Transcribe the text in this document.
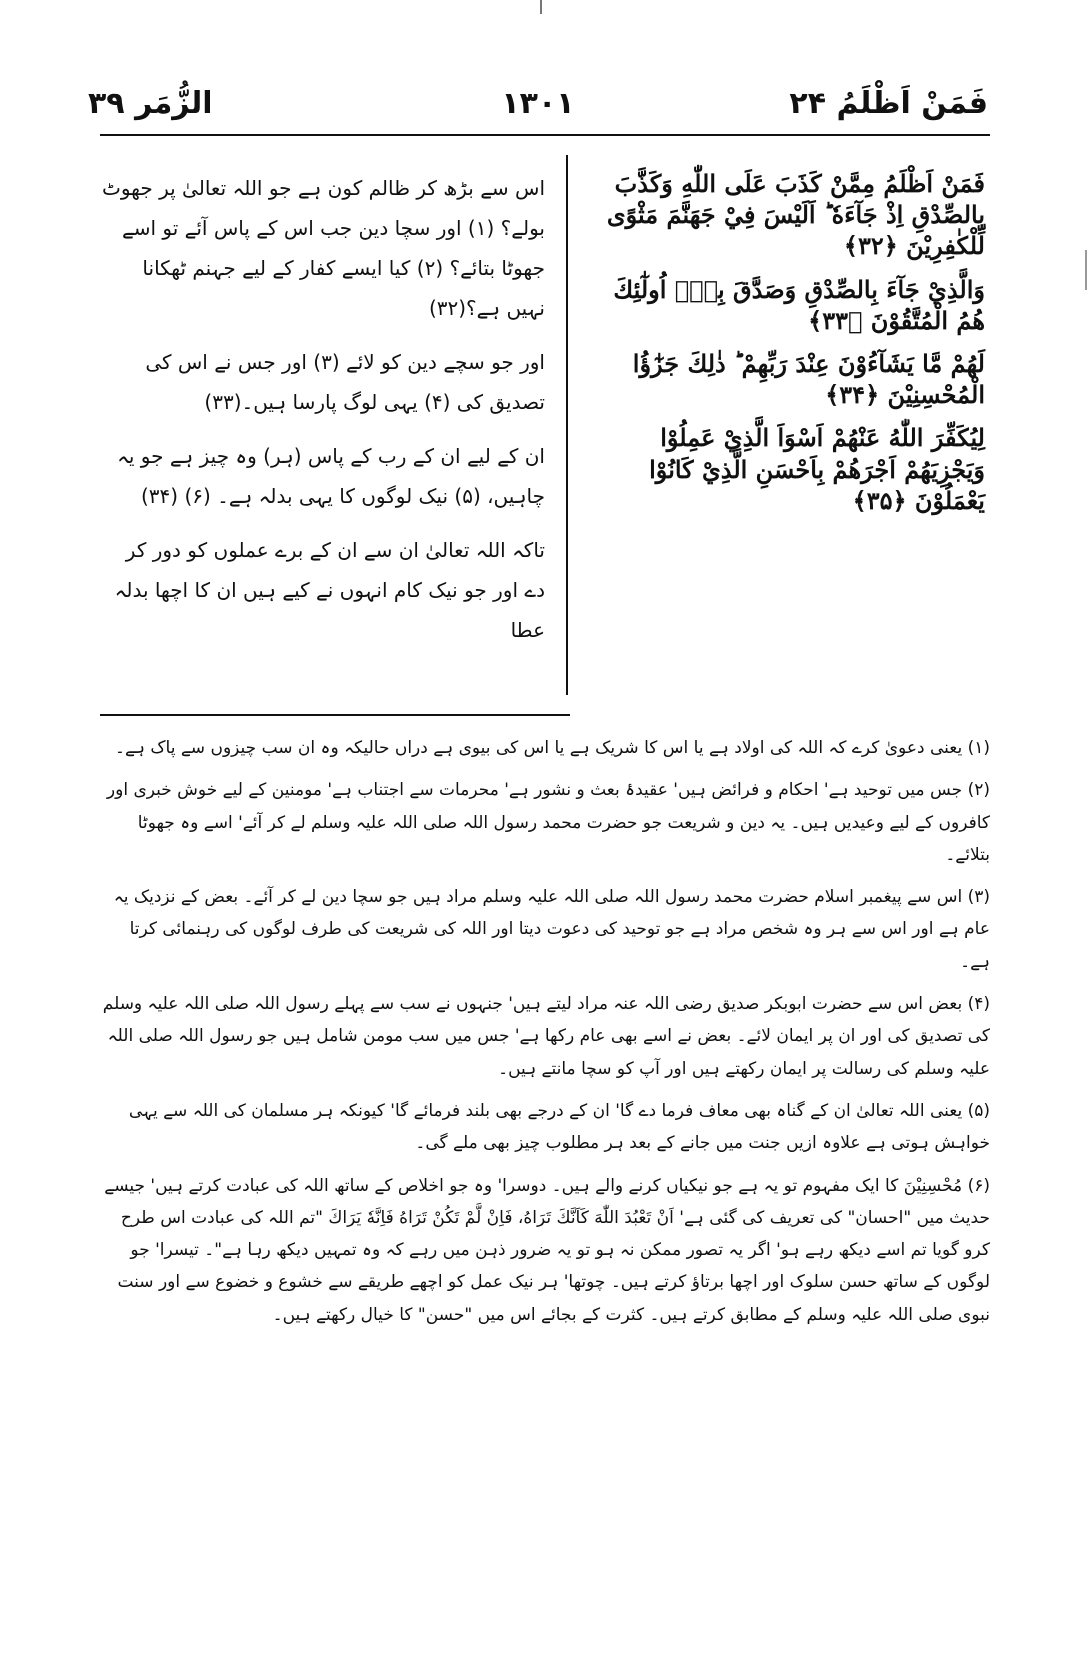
فَمَنْ اَظْلَمُ ۲۴
۱۳۰۱
الزُّمَر ۳۹

فَمَنْ اَظْلَمُ مِمَّنْ كَذَبَ عَلَى اللّٰهِ وَكَذَّبَ بِالصِّدْقِ اِذْ جَآءَهٗ ؕ اَلَيْسَ فِيْ جَهَنَّمَ مَثْوًى لِّلْكٰفِرِيْنَ ﴿۳۲﴾

وَالَّذِيْ جَآءَ بِالصِّدْقِ وَصَدَّقَ بِهٖٓ اُولٰٓئِكَ هُمُ الْمُتَّقُوْنَ ﴿۳۳﴾

لَهُمْ مَّا يَشَآءُوْنَ عِنْدَ رَبِّهِمْ ؕ ذٰلِكَ جَزٰٓؤُا الْمُحْسِنِيْنَ ﴿۳۴﴾

لِيُكَفِّرَ اللّٰهُ عَنْهُمْ اَسْوَاَ الَّذِيْ عَمِلُوْا وَيَجْزِيَهُمْ اَجْرَهُمْ بِاَحْسَنِ الَّذِيْ كَانُوْا يَعْمَلُوْنَ ﴿۳۵﴾

اس سے بڑھ کر ظالم کون ہے جو اللہ تعالیٰ پر جھوٹ بولے؟ (۱) اور سچا دین جب اس کے پاس آئے تو اسے جھوٹا بتائے؟ (۲) کیا ایسے کفار کے لیے جہنم ٹھکانا نہیں ہے؟(۳۲)

اور جو سچے دین کو لائے (۳) اور جس نے اس کی تصدیق کی (۴) یہی لوگ پارسا ہیں۔(۳۳)

ان کے لیے ان کے رب کے پاس (ہر) وہ چیز ہے جو یہ چاہیں، (۵) نیک لوگوں کا یہی بدلہ ہے۔ (۶) (۳۴)

تاکہ اللہ تعالیٰ ان سے ان کے برے عملوں کو دور کر دے اور جو نیک کام انہوں نے کیے ہیں ان کا اچھا بدلہ عطا

(۱) یعنی دعویٰ کرے کہ اللہ کی اولاد ہے یا اس کا شریک ہے یا اس کی بیوی ہے دراں حالیکہ وہ ان سب چیزوں سے پاک ہے۔

(۲) جس میں توحید ہے' احکام و فرائض ہیں' عقیدۂ بعث و نشور ہے' محرمات سے اجتناب ہے' مومنین کے لیے خوش خبری اور کافروں کے لیے وعیدیں ہیں۔ یہ دین و شریعت جو حضرت محمد رسول اللہ صلی اللہ علیہ وسلم لے کر آئے' اسے وہ جھوٹا بتلائے۔

(۳) اس سے پیغمبر اسلام حضرت محمد رسول اللہ صلی اللہ علیہ وسلم مراد ہیں جو سچا دین لے کر آئے۔ بعض کے نزدیک یہ عام ہے اور اس سے ہر وہ شخص مراد ہے جو توحید کی دعوت دیتا اور اللہ کی شریعت کی طرف لوگوں کی رہنمائی کرتا ہے۔

(۴) بعض اس سے حضرت ابوبکر صدیق رضی اللہ عنہ مراد لیتے ہیں' جنہوں نے سب سے پہلے رسول اللہ صلی اللہ علیہ وسلم کی تصدیق کی اور ان پر ایمان لائے۔ بعض نے اسے بھی عام رکھا ہے' جس میں سب مومن شامل ہیں جو رسول اللہ صلی اللہ علیہ وسلم کی رسالت پر ایمان رکھتے ہیں اور آپ کو سچا مانتے ہیں۔

(۵) یعنی اللہ تعالیٰ ان کے گناہ بھی معاف فرما دے گا' ان کے درجے بھی بلند فرمائے گا' کیونکہ ہر مسلمان کی اللہ سے یہی خواہش ہوتی ہے علاوہ ازیں جنت میں جانے کے بعد ہر مطلوب چیز بھی ملے گی۔

(۶) مُحْسِنِيْنَ کا ایک مفہوم تو یہ ہے جو نیکیاں کرنے والے ہیں۔ دوسرا' وہ جو اخلاص کے ساتھ اللہ کی عبادت کرتے ہیں' جیسے حدیث میں "احسان" کی تعریف کی گئی ہے' اَنْ تَعْبُدَ اللّٰهَ كَاَنَّكَ تَرَاهُ، فَاِنْ لَّمْ تَكُنْ تَرَاهُ فَاِنَّهٗ يَرَاكَ "تم اللہ کی عبادت اس طرح کرو گویا تم اسے دیکھ رہے ہو' اگر یہ تصور ممکن نہ ہو تو یہ ضرور ذہن میں رہے کہ وہ تمہیں دیکھ رہا ہے"۔ تیسرا' جو لوگوں کے ساتھ حسن سلوک اور اچھا برتاؤ کرتے ہیں۔ چوتھا' ہر نیک عمل کو اچھے طریقے سے خشوع و خضوع سے اور سنت نبوی صلی اللہ علیہ وسلم کے مطابق کرتے ہیں۔ کثرت کے بجائے اس میں "حسن" کا خیال رکھتے ہیں۔
